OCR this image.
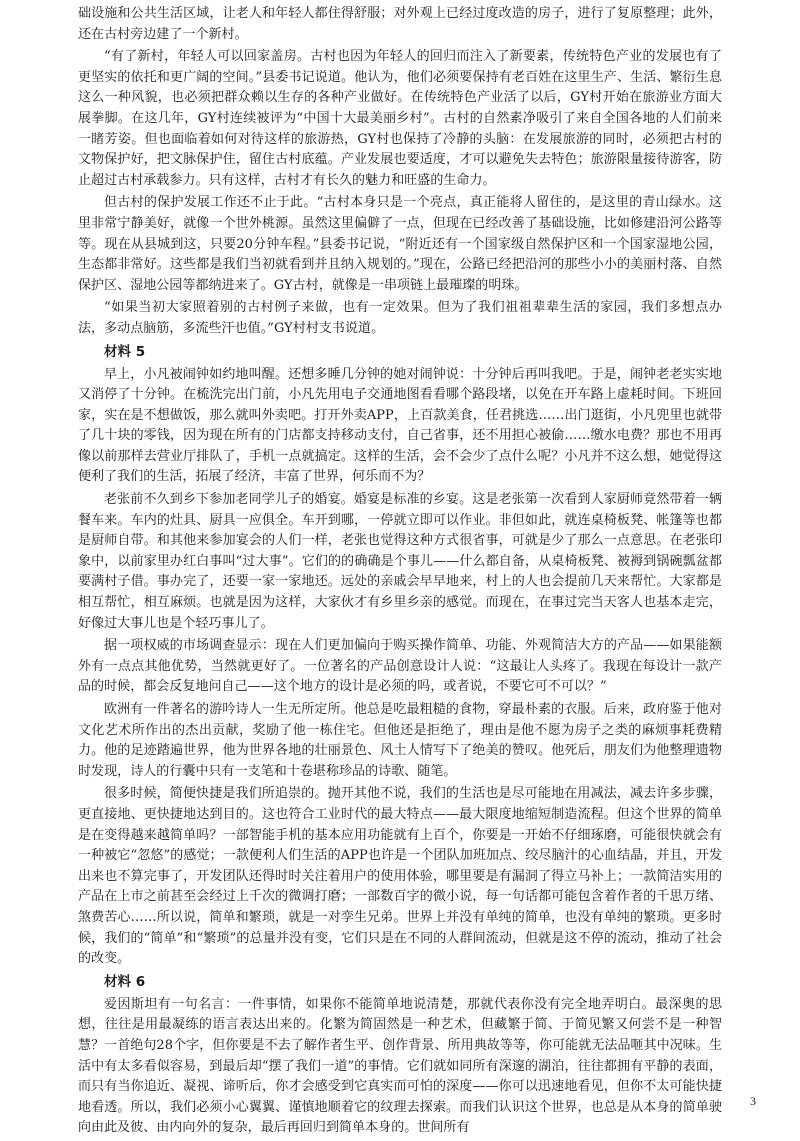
础设施和公共生活区域，让老人和年轻人都住得舒服；对外观上已经过度改造的房子，进行了复原整理；此外，还在古村旁边建了一个新村。

“有了新村，年轻人可以回家盖房。古村也因为年轻人的回归而注入了新要素，传统特色产业的发展也有了更坚实的依托和更广阔的空间。”县委书记说道。他认为，他们必须要保持有老百姓在这里生产、生活、繁衍生息这么一种风貌，也必须把群众赖以生存的各种产业做好。在传统特色产业活了以后，GY村开始在旅游业方面大展拳脚。在这几年，GY村连续被评为“中国十大最美丽乡村”。古村的自然素净吸引了来自全国各地的人们前来一睹芳姿。但也面临着如何对待这样的旅游热，GY村也保持了冷静的头脑：在发展旅游的同时，必须把古村的文物保护好，把文脉保护住，留住古村底蕴。产业发展也要适度，才可以避免失去特色；旅游限量接待游客，防止超过古村承载参力。只有这样，古村才有长久的魅力和旺盛的生命力。

但古村的保护发展工作还不止于此。“古村本身只是一个亮点，真正能将人留住的，是这里的青山绿水。这里非常宁静美好，就像一个世外桃源。虽然这里偏僻了一点，但现在已经改善了基础设施，比如修建沿河公路等等。现在从县城到这，只要20分钟车程。”县委书记说，“附近还有一个国家级自然保护区和一个国家湿地公园，生态都非常好。这些都是我们当初就看到并且纳入规划的。”现在，公路已经把沿河的那些小小的美丽村落、自然保护区、湿地公园等都纳进来了。GY古村，就像是一串项链上最璀璨的明珠。

“如果当初大家照着别的古村例子来做，也有一定效果。但为了我们祖祖辈辈生活的家园，我们多想点办法，多动点脑筋，多流些汗也值。”GY村村支书说道。

材料 5

早上，小凡被闹钟如约地叫醒。还想多睡几分钟的她对闹钟说：十分钟后再叫我吧。于是，闹钟老老实实地又消停了十分钟。在梳洗完出门前，小凡先用电子交通地图看看哪个路段堵，以免在开车路上虚耗时间。下班回家，实在是不想做饭，那么就叫外卖吧。打开外卖APP，上百款美食，任君挑选……出门逛街，小凡兜里也就带了几十块的零钱，因为现在所有的门店都支持移动支付，自己省事，还不用担心被偷……缴水电费？那也不用再像以前那样去营业厅排队了，手机一点就搞定。这样的生活，会不会少了点什么呢？小凡并不这么想，她觉得这便利了我们的生活，拓展了经济，丰富了世界，何乐而不为？

老张前不久到乡下参加老同学儿子的婚宴。婚宴是标准的乡宴。这是老张第一次看到人家厨师竟然带着一辆餐车来。车内的灶具、厨具一应俱全。车开到哪，一停就立即可以作业。非但如此，就连桌椅板凳、帐篷等也都是厨师自带。和其他来参加宴会的人们一样，老张也觉得这种方式很省事，可就是少了那么一点意思。在老张印象中，以前家里办红白事叫“过大事”。它们的的确确是个事儿——什么都自备，从桌椅板凳、被褥到锅碗瓢盆都要满村子借。事办完了，还要一家一家地还。远处的亲戚会早早地来，村上的人也会提前几天来帮忙。大家都是相互帮忙，相互麻烦。也就是因为这样，大家伙才有乡里乡亲的感觉。而现在，在事过完当天客人也基本走完，好像过大事儿也是个轻巧事儿了。

据一项权威的市场调查显示：现在人们更加偏向于购买操作简单、功能、外观简洁大方的产品——如果能额外有一点点其他优势，当然就更好了。一位著名的产品创意设计人说：“这最让人头疼了。我现在每设计一款产品的时候，都会反复地问自己——这个地方的设计是必须的吗，或者说，不要它可不可以？”

欧洲有一件著名的游吟诗人一生无所定所。他总是吃最粗糙的食物，穿最朴素的衣服。后来，政府鉴于他对文化艺术所作出的杰出贡献，奖励了他一栋住宅。但他还是拒绝了，理由是他不愿为房子之类的麻烦事耗费精力。他的足迹踏遍世界，他为世界各地的壮丽景色、风土人情写下了绝美的赞叹。他死后，朋友们为他整理遗物时发现，诗人的行囊中只有一支笔和十卷堪称珍品的诗歌、随笔。

很多时候，简便快捷是我们所追崇的。抛开其他不说，我们的生活也是尽可能地在用减法，减去许多步骤，更直接地、更快捷地达到目的。这也符合工业时代的最大特点——最大限度地缩短制造流程。但这个世界的简单是在变得越来越简单吗？一部智能手机的基本应用功能就有上百个，你要是一开始不仔细琢磨，可能很快就会有一种被它“忽悠”的感觉；一款便利人们生活的APP也许是一个团队加班加点、绞尽脑汁的心血结晶，并且，开发出来也不算完事了，开发团队还得时时关注着用户的使用体验，哪里要是有漏洞了得立马补上；一款简洁实用的产品在上市之前甚至会经过上千次的微调打磨；一部数百字的微小说，每一句话都可能包含着作者的千思万绪、煞费苦心……所以说，简单和繁琐，就是一对孪生兄弟。世界上并没有单纯的简单，也没有单纯的繁琐。更多时候，我们的“简单”和“繁琐”的总量并没有变，它们只是在不同的人群间流动，但就是这不停的流动，推动了社会的改变。

材料 6

爱因斯坦有一句名言：一件事情，如果你不能简单地说清楚，那就代表你没有完全地弄明白。最深奥的思想，往往是用最凝练的语言表达出来的。化繁为简固然是一种艺术，但藏繁于简、于简见繁又何尝不是一种智慧？一首绝句28个字，但你要是不去了解作者生平、创作背景、所用典故等等，你可能就无法品咂其中况味。生活中有太多看似容易，到最后却“摆了我们一道”的事情。它们就如同所有深邃的湖泊，往往都拥有平静的表面，而只有当你追近、凝视、谛听后，你才会感受到它真实而可怕的深度——你可以迅速地看见，但你不太可能快捷地看透。所以，我们必须小心翼翼、谨慎地顺着它的纹理去探索。而我们认识这个世界，也总是从本身的简单驶向由此及彼、由内向外的复杂，最后再回归到简单本身的。世间所有

3
